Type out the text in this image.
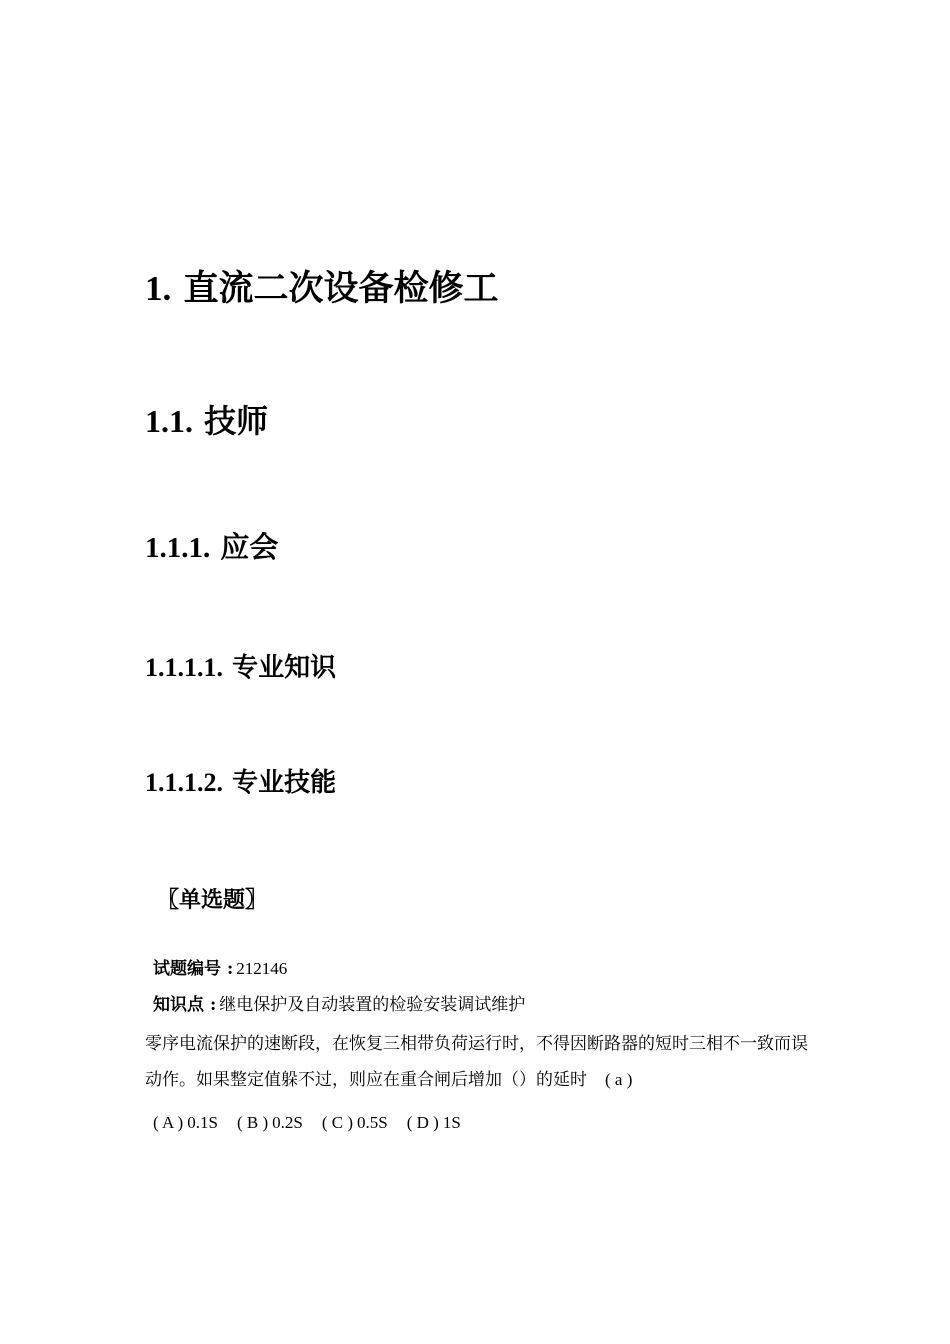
1. 直流二次设备检修工
1.1. 技师
1.1.1. 应会
1.1.1.1. 专业知识
1.1.1.2. 专业技能
〖单选题〗
试题编号 : 212146
知识点 : 继电保护及自动装置的检验安装调试维护
零序电流保护的速断段，在恢复三相带负荷运行时，不得因断路器的短时三相不一致而误动作。如果整定值躲不过，则应在重合闸后增加（）的延时 ( a )
( A ) 0.1S ( B ) 0.2S ( C ) 0.5S ( D ) 1S
